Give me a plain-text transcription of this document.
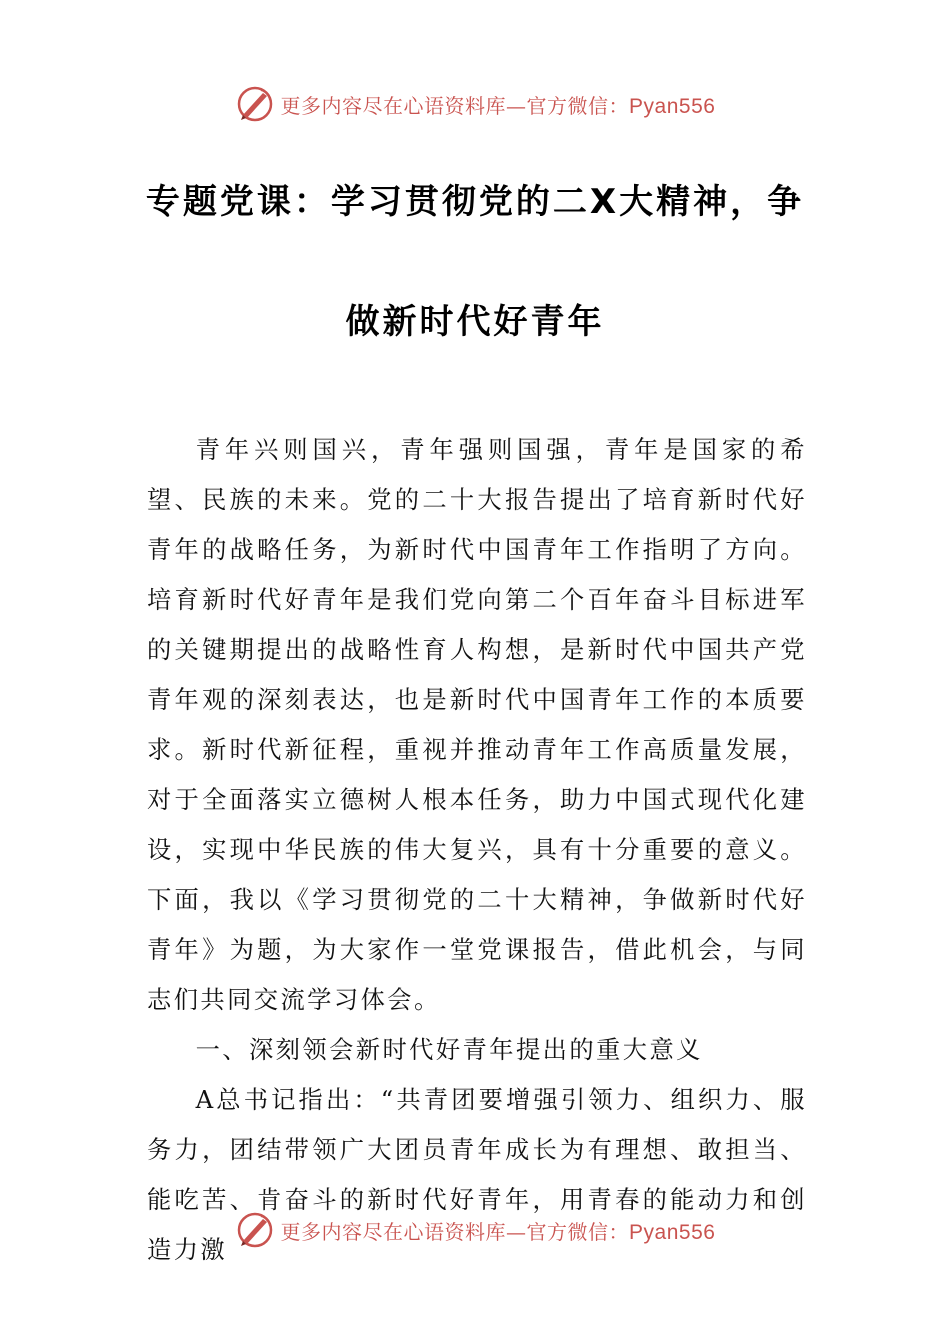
更多内容尽在心语资料库—官方微信：Pyan556
专题党课：学习贯彻党的二X大精神，争
做新时代好青年

青年兴则国兴，青年强则国强，青年是国家的希望、民族的未来。党的二十大报告提出了培育新时代好青年的战略任务，为新时代中国青年工作指明了方向。培育新时代好青年是我们党向第二个百年奋斗目标进军的关键期提出的战略性育人构想，是新时代中国共产党青年观的深刻表达，也是新时代中国青年工作的本质要求。新时代新征程，重视并推动青年工作高质量发展，对于全面落实立德树人根本任务，助力中国式现代化建设，实现中华民族的伟大复兴，具有十分重要的意义。下面，我以《学习贯彻党的二十大精神，争做新时代好青年》为题，为大家作一堂党课报告，借此机会，与同志们共同交流学习体会。

一、深刻领会新时代好青年提出的重大意义

A总书记指出：“共青团要增强引领力、组织力、服务力，团结带领广大团员青年成长为有理想、敢担当、能吃苦、肯奋斗的新时代好青年，用青春的能动力和创造力激

更多内容尽在心语资料库—官方微信：Pyan556
